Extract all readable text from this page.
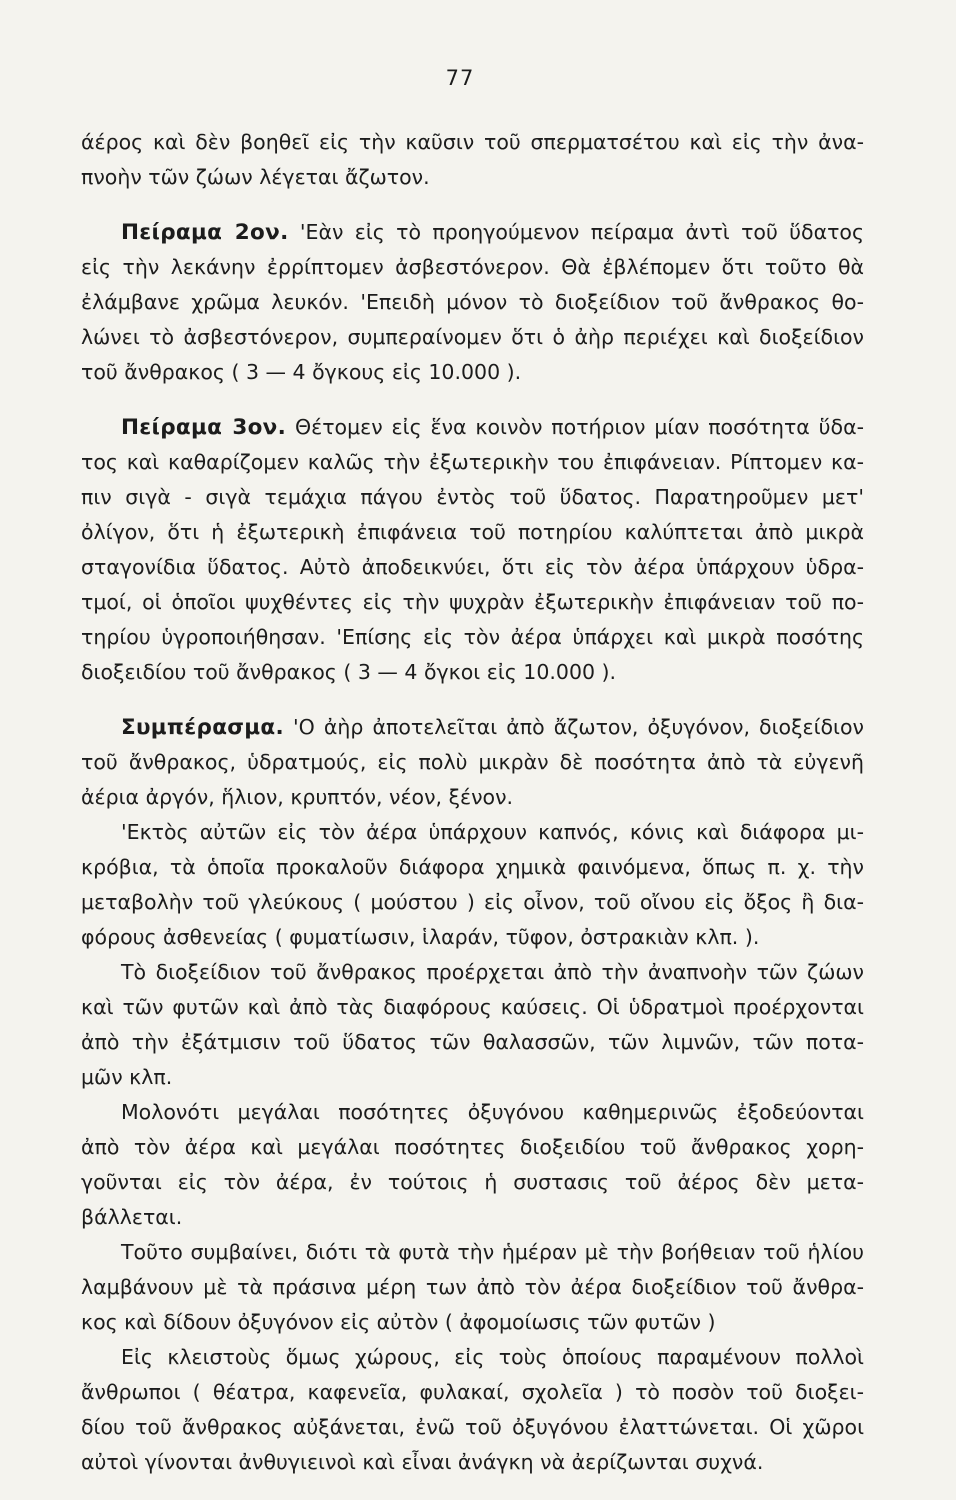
77
άέρος καὶ δὲν βοηθεῖ εἰς τὴν καῦσιν τοῦ σπερματσέτου καὶ εἰς τὴν ἀνα-
πνοὴν τῶν ζώων λέγεται ἄζωτον.
Πείραμα 2ον. 'Εὰν εἰς τὸ προηγούμενον πείραμα ἀντὶ τοῦ ὕδατος
εἰς τὴν λεκάνην ἐρρίπτομεν ἀσβεστόνερον. Θὰ ἐβλέπομεν ὅτι τοῦτο θὰ
ἐλάμβανε χρῶμα λευκόν. 'Επειδὴ μόνον τὸ διοξείδιον τοῦ ἄνθρακος θο-
λώνει τὸ ἀσβεστόνερον, συμπεραίνομεν ὅτι ὁ ἀὴρ περιέχει καὶ διοξείδιον
τοῦ ἄνθρακος ( 3 — 4 ὄγκους εἰς 10.000 ).
Πείραμα 3ον. Θέτομεν εἰς ἕνα κοινὸν ποτήριον μίαν ποσότητα ὕδα-
τος καὶ καθαρίζομεν καλῶς τὴν ἐξωτερικὴν του ἐπιφάνειαν. Ρίπτομεν κα-
πιν σιγὰ - σιγὰ τεμάχια πάγου ἐντὸς τοῦ ὕδατος. Παρατηροῦμεν μετ'
ὀλίγον, ὅτι ἡ ἐξωτερικὴ ἐπιφάνεια τοῦ ποτηρίου καλύπτεται ἀπὸ μικρὰ
σταγονίδια ὕδατος. Αὐτὸ ἀποδεικνύει, ὅτι εἰς τὸν ἀέρα ὑπάρχουν ὑδρα-
τμοί, οἱ ὁποῖοι ψυχθέντες εἰς τὴν ψυχρὰν ἐξωτερικὴν ἐπιφάνειαν τοῦ πο-
τηρίου ὑγροποιήθησαν. 'Επίσης εἰς τὸν ἀέρα ὑπάρχει καὶ μικρὰ ποσότης
διοξειδίου τοῦ ἄνθρακος ( 3 — 4 ὄγκοι εἰς 10.000 ).
Συμπέρασμα. 'Ο ἀὴρ ἀποτελεῖται ἀπὸ ἄζωτον, ὀξυγόνον, διοξείδιον
τοῦ ἄνθρακος, ὑδρατμούς, εἰς πολὺ μικρὰν δὲ ποσότητα ἀπὸ τὰ εὐγενῆ
ἀέρια ἀργόν, ἥλιον, κρυπτόν, νέον, ξένον.
'Εκτὸς αὐτῶν εἰς τὸν ἀέρα ὑπάρχουν καπνός, κόνις καὶ διάφορα μι-
κρόβια, τὰ ὁποῖα προκαλοῦν διάφορα χημικὰ φαινόμενα, ὅπως π. χ. τὴν
μεταβολὴν τοῦ γλεύκους ( μούστου ) εἰς οἶνον, τοῦ οἴνου εἰς ὄξος ἢ δια-
φόρους ἀσθενείας ( φυματίωσιν, ἱλαράν, τῦφον, ὀστρακιὰν κλπ. ).
Τὸ διοξείδιον τοῦ ἄνθρακος προέρχεται ἀπὸ τὴν ἀναπνοὴν τῶν ζώων
καὶ τῶν φυτῶν καὶ ἀπὸ τὰς διαφόρους καύσεις. Οἱ ὑδρατμοὶ προέρχονται
ἀπὸ τὴν ἐξάτμισιν τοῦ ὕδατος τῶν θαλασσῶν, τῶν λιμνῶν, τῶν ποτα-
μῶν κλπ.
Μολονότι μεγάλαι ποσότητες ὀξυγόνου καθημερινῶς ἐξοδεύονται
ἀπὸ τὸν ἀέρα καὶ μεγάλαι ποσότητες διοξειδίου τοῦ ἄνθρακος χορη-
γοῦνται εἰς τὸν ἀέρα, ἐν τούτοις ἡ συστασις τοῦ ἀέρος δὲν μετα-
βάλλεται.
Τοῦτο συμβαίνει, διότι τὰ φυτὰ τὴν ἡμέραν μὲ τὴν βοήθειαν τοῦ ἡλίου
λαμβάνουν μὲ τὰ πράσινα μέρη των ἀπὸ τὸν ἀέρα διοξείδιον τοῦ ἄνθρα-
κος καὶ δίδουν ὀξυγόνον εἰς αὐτὸν ( ἀφομοίωσις τῶν φυτῶν )
Εἰς κλειστοὺς ὅμως χώρους, εἰς τοὺς ὁποίους παραμένουν πολλοὶ
ἄνθρωποι ( θέατρα, καφενεῖα, φυλακαί, σχολεῖα ) τὸ ποσὸν τοῦ διοξει-
δίου τοῦ ἄνθρακος αὐξάνεται, ἐνῶ τοῦ ὀξυγόνου ἐλαττώνεται. Οἱ χῶροι
αὐτοὶ γίνονται ἀνθυγιεινοὶ καὶ εἶναι ἀνάγκη νὰ ἀερίζωνται συχνά.
